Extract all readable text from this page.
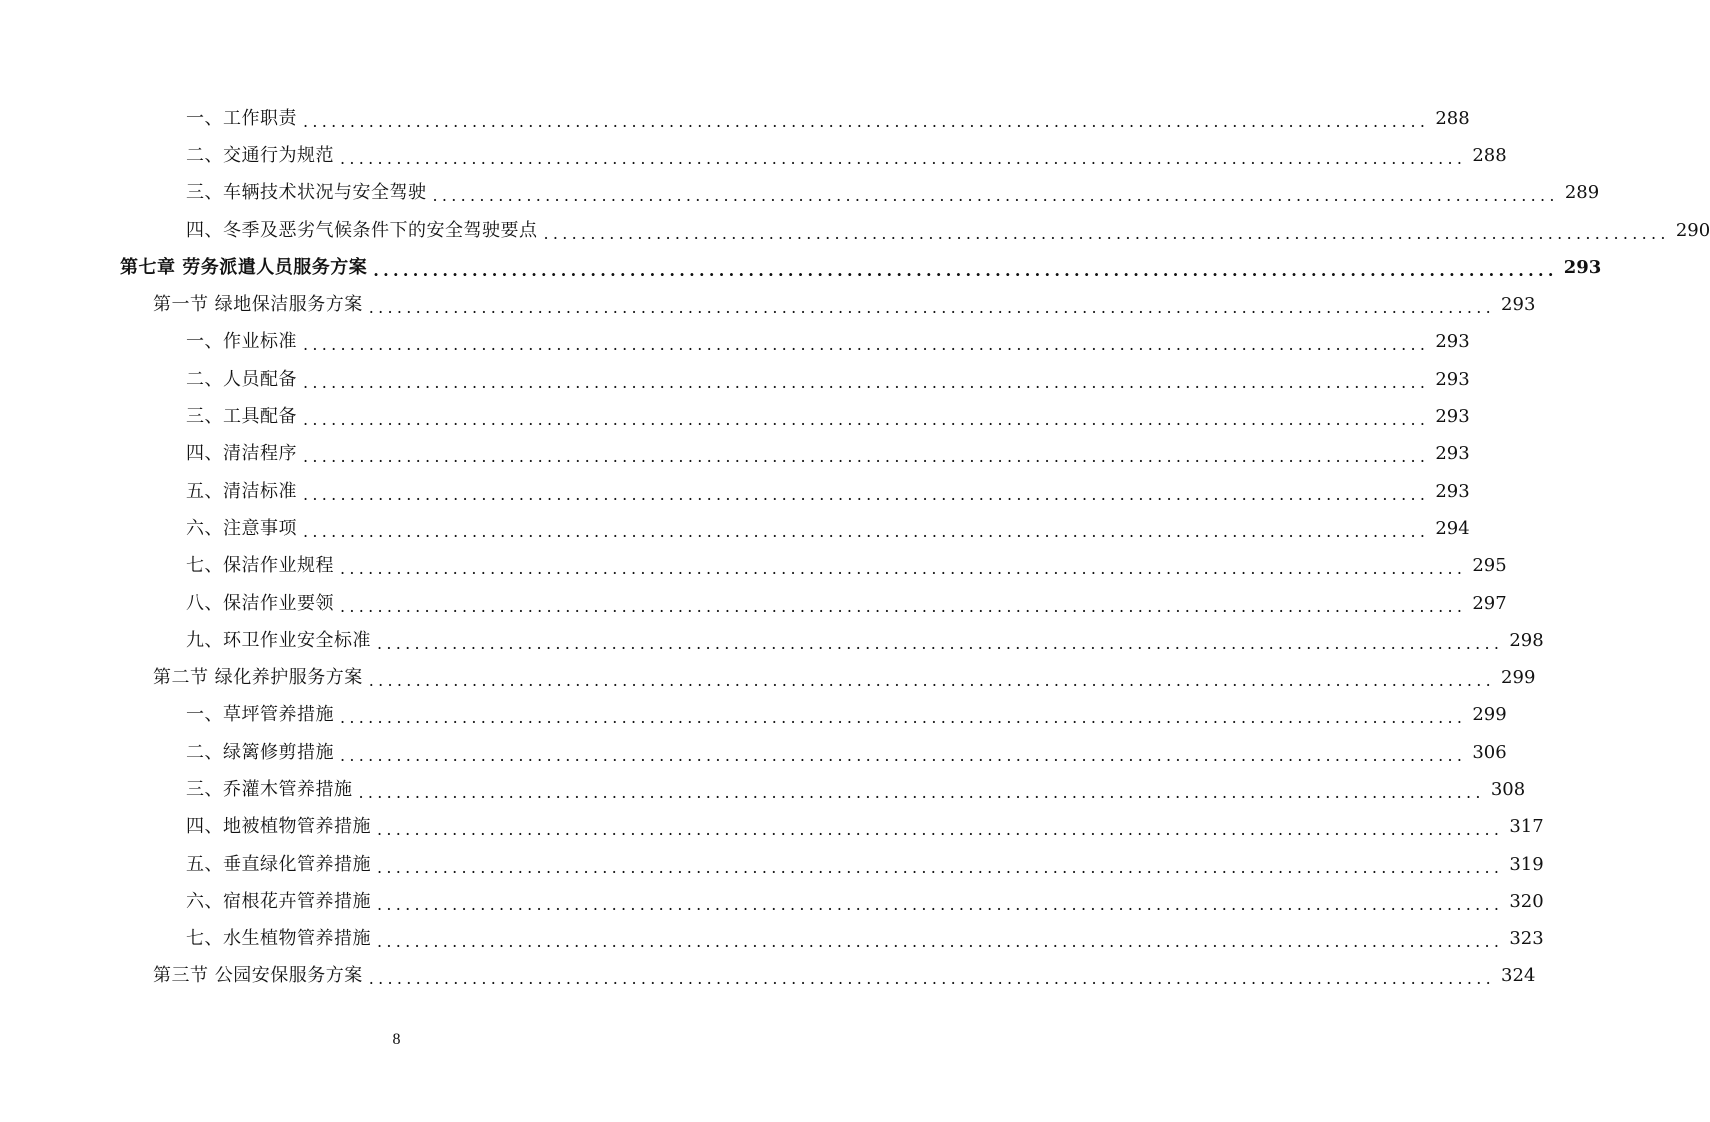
一、工作职责 ........................................................................................................................ 288
二、交通行为规范 ........................................................................................................................ 288
三、车辆技术状况与安全驾驶 ........................................................................................................................ 289
四、冬季及恶劣气候条件下的安全驾驶要点 ........................................................................................................................ 290
第七章 劳务派遣人员服务方案 ........................................................................................................................ 293
第一节 绿地保洁服务方案 ........................................................................................................................ 293
一、作业标准 ........................................................................................................................ 293
二、人员配备 ........................................................................................................................ 293
三、工具配备 ........................................................................................................................ 293
四、清洁程序 ........................................................................................................................ 293
五、清洁标准 ........................................................................................................................ 293
六、注意事项 ........................................................................................................................ 294
七、保洁作业规程 ........................................................................................................................ 295
八、保洁作业要领 ........................................................................................................................ 297
九、环卫作业安全标准 ........................................................................................................................ 298
第二节 绿化养护服务方案 ........................................................................................................................ 299
一、草坪管养措施 ........................................................................................................................ 299
二、绿篱修剪措施 ........................................................................................................................ 306
三、乔灌木管养措施 ........................................................................................................................ 308
四、地被植物管养措施 ........................................................................................................................ 317
五、垂直绿化管养措施 ........................................................................................................................ 319
六、宿根花卉管养措施 ........................................................................................................................ 320
七、水生植物管养措施 ........................................................................................................................ 323
第三节 公园安保服务方案 ........................................................................................................................ 324
8
